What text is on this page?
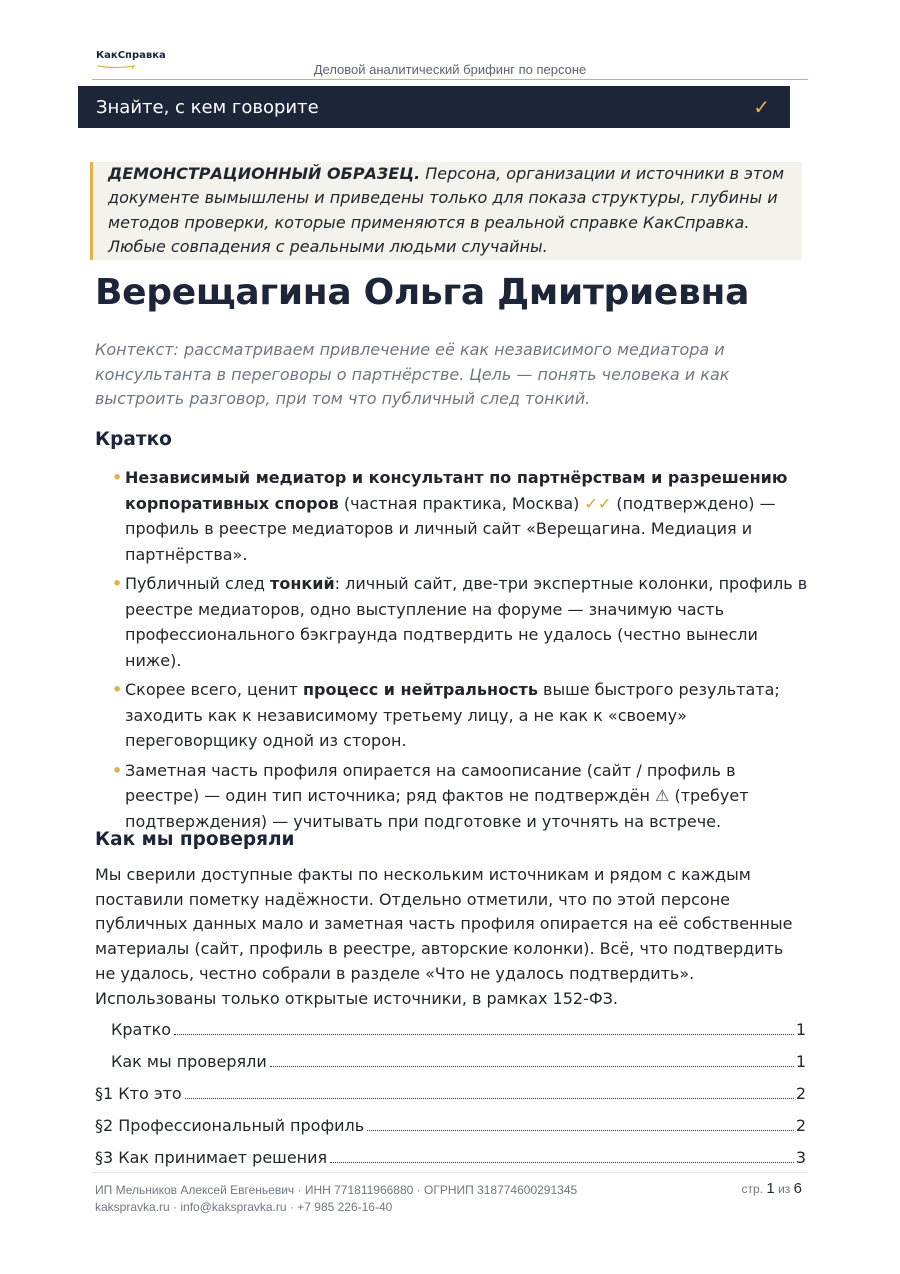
КакСправка
Деловой аналитический брифинг по персоне
Знайте, с кем говорите	✓
ДЕМОНСТРАЦИОННЫЙ ОБРАЗЕЦ. Персона, организации и источники в этом документе вымышлены и приведены только для показа структуры, глубины и методов проверки, которые применяются в реальной справке КакСправка. Любые совпадения с реальными людьми случайны.
Верещагина Ольга Дмитриевна
Контекст: рассматриваем привлечение её как независимого медиатора и консультанта в переговоры о партнёрстве. Цель — понять человека и как выстроить разговор, при том что публичный след тонкий.
Кратко
• Независимый медиатор и консультант по партнёрствам и разрешению корпоративных споров (частная практика, Москва) ✓✓ (подтверждено) — профиль в реестре медиаторов и личный сайт «Верещагина. Медиация и партнёрства».
• Публичный след тонкий: личный сайт, две-три экспертные колонки, профиль в реестре медиаторов, одно выступление на форуме — значимую часть профессионального бэкграунда подтвердить не удалось (честно вынесли ниже).
• Скорее всего, ценит процесс и нейтральность выше быстрого результата; заходить как к независимому третьему лицу, а не как к «своему» переговорщику одной из сторон.
• Заметная часть профиля опирается на самоописание (сайт / профиль в реестре) — один тип источника; ряд фактов не подтверждён ⚠ (требует подтверждения) — учитывать при подготовке и уточнять на встрече.
Как мы проверяли
Мы сверили доступные факты по нескольким источникам и рядом с каждым поставили пометку надёжности. Отдельно отметили, что по этой персоне публичных данных мало и заметная часть профиля опирается на её собственные материалы (сайт, профиль в реестре, авторские колонки). Всё, что подтвердить не удалось, честно собрали в разделе «Что не удалось подтвердить». Использованы только открытые источники, в рамках 152-ФЗ.
Кратко	1
Как мы проверяли	1
§1 Кто это	2
§2 Профессиональный профиль	2
§3 Как принимает решения	3
ИП Мельников Алексей Евгеньевич · ИНН 771811966880 · ОГРНИП 318774600291345
kakspravka.ru · info@kakspravka.ru · +7 985 226-16-40
стр. 1 из 6
